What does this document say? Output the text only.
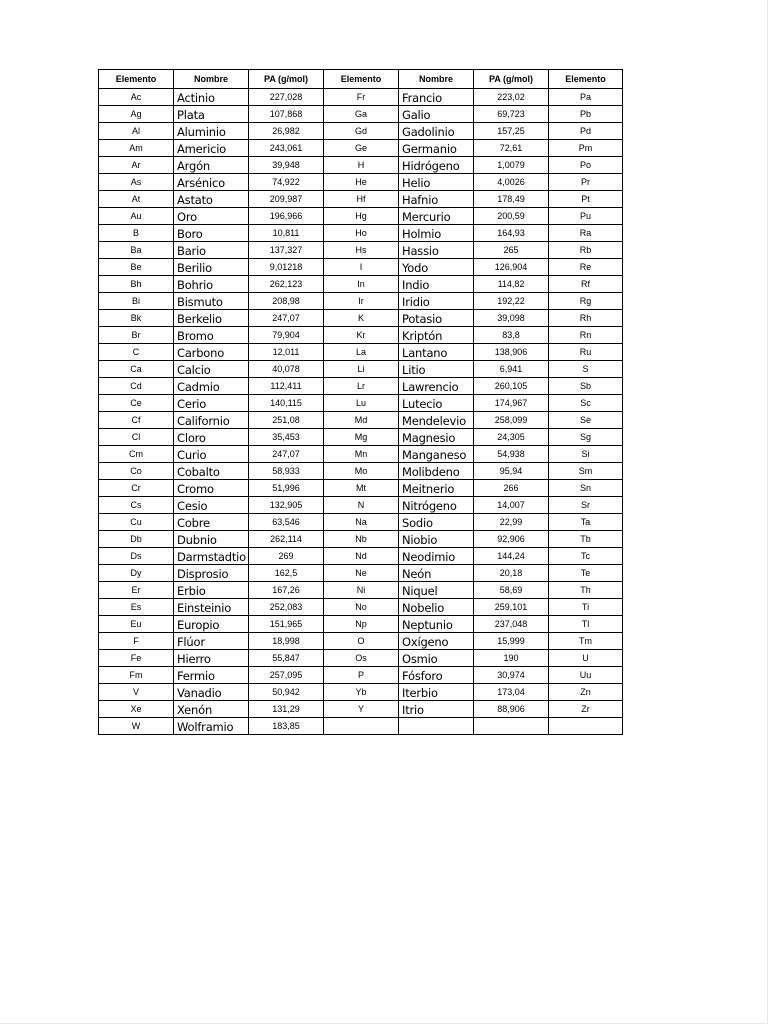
Elemento	Nombre	PA (g/mol)	Elemento	Nombre	PA (g/mol)	Elemento
Ac	Actinio	227,028	Fr	Francio	223,02	Pa
Ag	Plata	107,868	Ga	Galio	69,723	Pb
Al	Aluminio	26,982	Gd	Gadolinio	157,25	Pd
Am	Americio	243,061	Ge	Germanio	72,61	Pm
Ar	Argón	39,948	H	Hidrógeno	1,0079	Po
As	Arsénico	74,922	He	Helio	4,0026	Pr
At	Astato	209,987	Hf	Hafnio	178,49	Pt
Au	Oro	196,966	Hg	Mercurio	200,59	Pu
B	Boro	10,811	Ho	Holmio	164,93	Ra
Ba	Bario	137,327	Hs	Hassio	265	Rb
Be	Berilio	9,01218	I	Yodo	126,904	Re
Bh	Bohrio	262,123	In	Indio	114,82	Rf
Bi	Bismuto	208,98	Ir	Iridio	192,22	Rg
Bk	Berkelio	247,07	K	Potasio	39,098	Rh
Br	Bromo	79,904	Kr	Kriptón	83,8	Rn
C	Carbono	12,011	La	Lantano	138,906	Ru
Ca	Calcio	40,078	Li	Litio	6,941	S
Cd	Cadmio	112,411	Lr	Lawrencio	260,105	Sb
Ce	Cerio	140,115	Lu	Lutecio	174,967	Sc
Cf	Californio	251,08	Md	Mendelevio	258,099	Se
Cl	Cloro	35,453	Mg	Magnesio	24,305	Sg
Cm	Curio	247,07	Mn	Manganeso	54,938	Si
Co	Cobalto	58,933	Mo	Molibdeno	95,94	Sm
Cr	Cromo	51,996	Mt	Meitnerio	266	Sn
Cs	Cesio	132,905	N	Nitrógeno	14,007	Sr
Cu	Cobre	63,546	Na	Sodio	22,99	Ta
Db	Dubnio	262,114	Nb	Niobio	92,906	Tb
Ds	Darmstadtio	269	Nd	Neodimio	144,24	Tc
Dy	Disprosio	162,5	Ne	Neón	20,18	Te
Er	Erbio	167,26	Ni	Niquel	58,69	Th
Es	Einsteinio	252,083	No	Nobelio	259,101	Ti
Eu	Europio	151,965	Np	Neptunio	237,048	Tl
F	Flúor	18,998	O	Oxígeno	15,999	Tm
Fe	Hierro	55,847	Os	Osmio	190	U
Fm	Fermio	257,095	P	Fósforo	30,974	Uu
V	Vanadio	50,942	Yb	Iterbio	173,04	Zn
Xe	Xenón	131,29	Y	Itrio	88,906	Zr
W	Wolframio	183,85				
